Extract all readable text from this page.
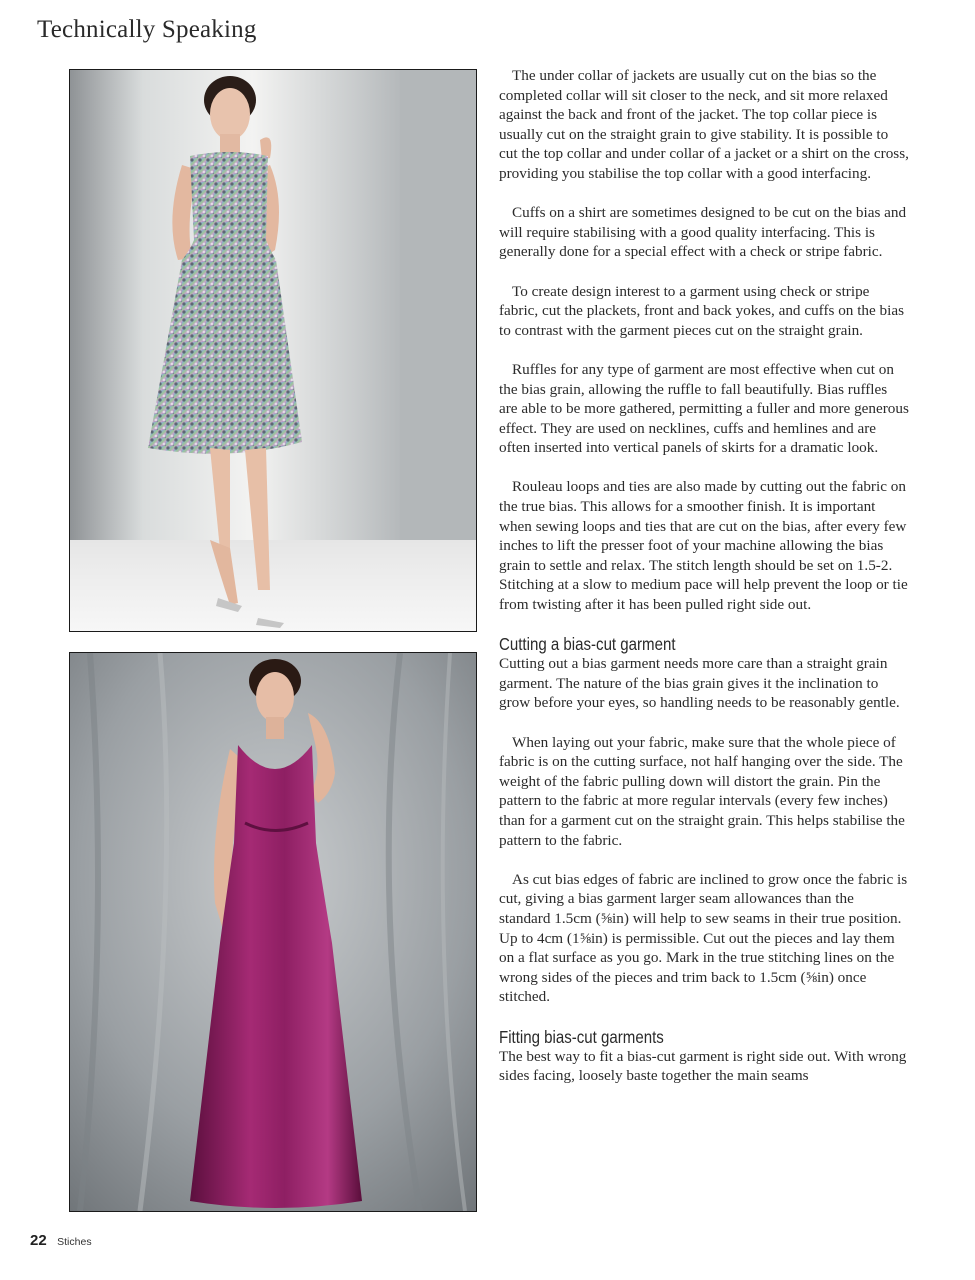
Technically Speaking

The under collar of jackets are usually cut on the bias so the completed collar will sit closer to the neck, and sit more relaxed against the back and front of the jacket. The top collar piece is usually cut on the straight grain to give stability. It is possible to cut the top collar and under collar of a jacket or a shirt on the cross, providing you stabilise the top collar with a good interfacing.

Cuffs on a shirt are sometimes designed to be cut on the bias and will require stabilising with a good quality interfacing. This is generally done for a special effect with a check or stripe fabric.

To create design interest to a garment using check or stripe fabric, cut the plackets, front and back yokes, and cuffs on the bias to contrast with the garment pieces cut on the straight grain.

Ruffles for any type of garment are most effective when cut on the bias grain, allowing the ruffle to fall beautifully. Bias ruffles are able to be more gathered, permitting a fuller and more generous effect. They are used on necklines, cuffs and hemlines and are often inserted into vertical panels of skirts for a dramatic look.

Rouleau loops and ties are also made by cutting out the fabric on the true bias. This allows for a smoother finish. It is important when sewing loops and ties that are cut on the bias, after every few inches to lift the presser foot of your machine allowing the bias grain to settle and relax. The stitch length should be set on 1.5-2. Stitching at a slow to medium pace will help prevent the loop or tie from twisting after it has been pulled right side out.

Cutting a bias-cut garment

Cutting out a bias garment needs more care than a straight grain garment. The nature of the bias grain gives it the inclination to grow before your eyes, so handling needs to be reasonably gentle.

When laying out your fabric, make sure that the whole piece of fabric is on the cutting surface, not half hanging over the side. The weight of the fabric pulling down will distort the grain. Pin the pattern to the fabric at more regular intervals (every few inches) than for a garment cut on the straight grain. This helps stabilise the pattern to the fabric.

As cut bias edges of fabric are inclined to grow once the fabric is cut, giving a bias garment larger seam allowances than the standard 1.5cm (⅝in) will help to sew seams in their true position. Up to 4cm (1⅝in) is permissible. Cut out the pieces and lay them on a flat surface as you go. Mark in the true stitching lines on the wrong sides of the pieces and trim back to 1.5cm (⅝in) once stitched.

Fitting bias-cut garments

The best way to fit a bias-cut garment is right side out. With wrong sides facing, loosely baste together the main seams

22 Stiches
